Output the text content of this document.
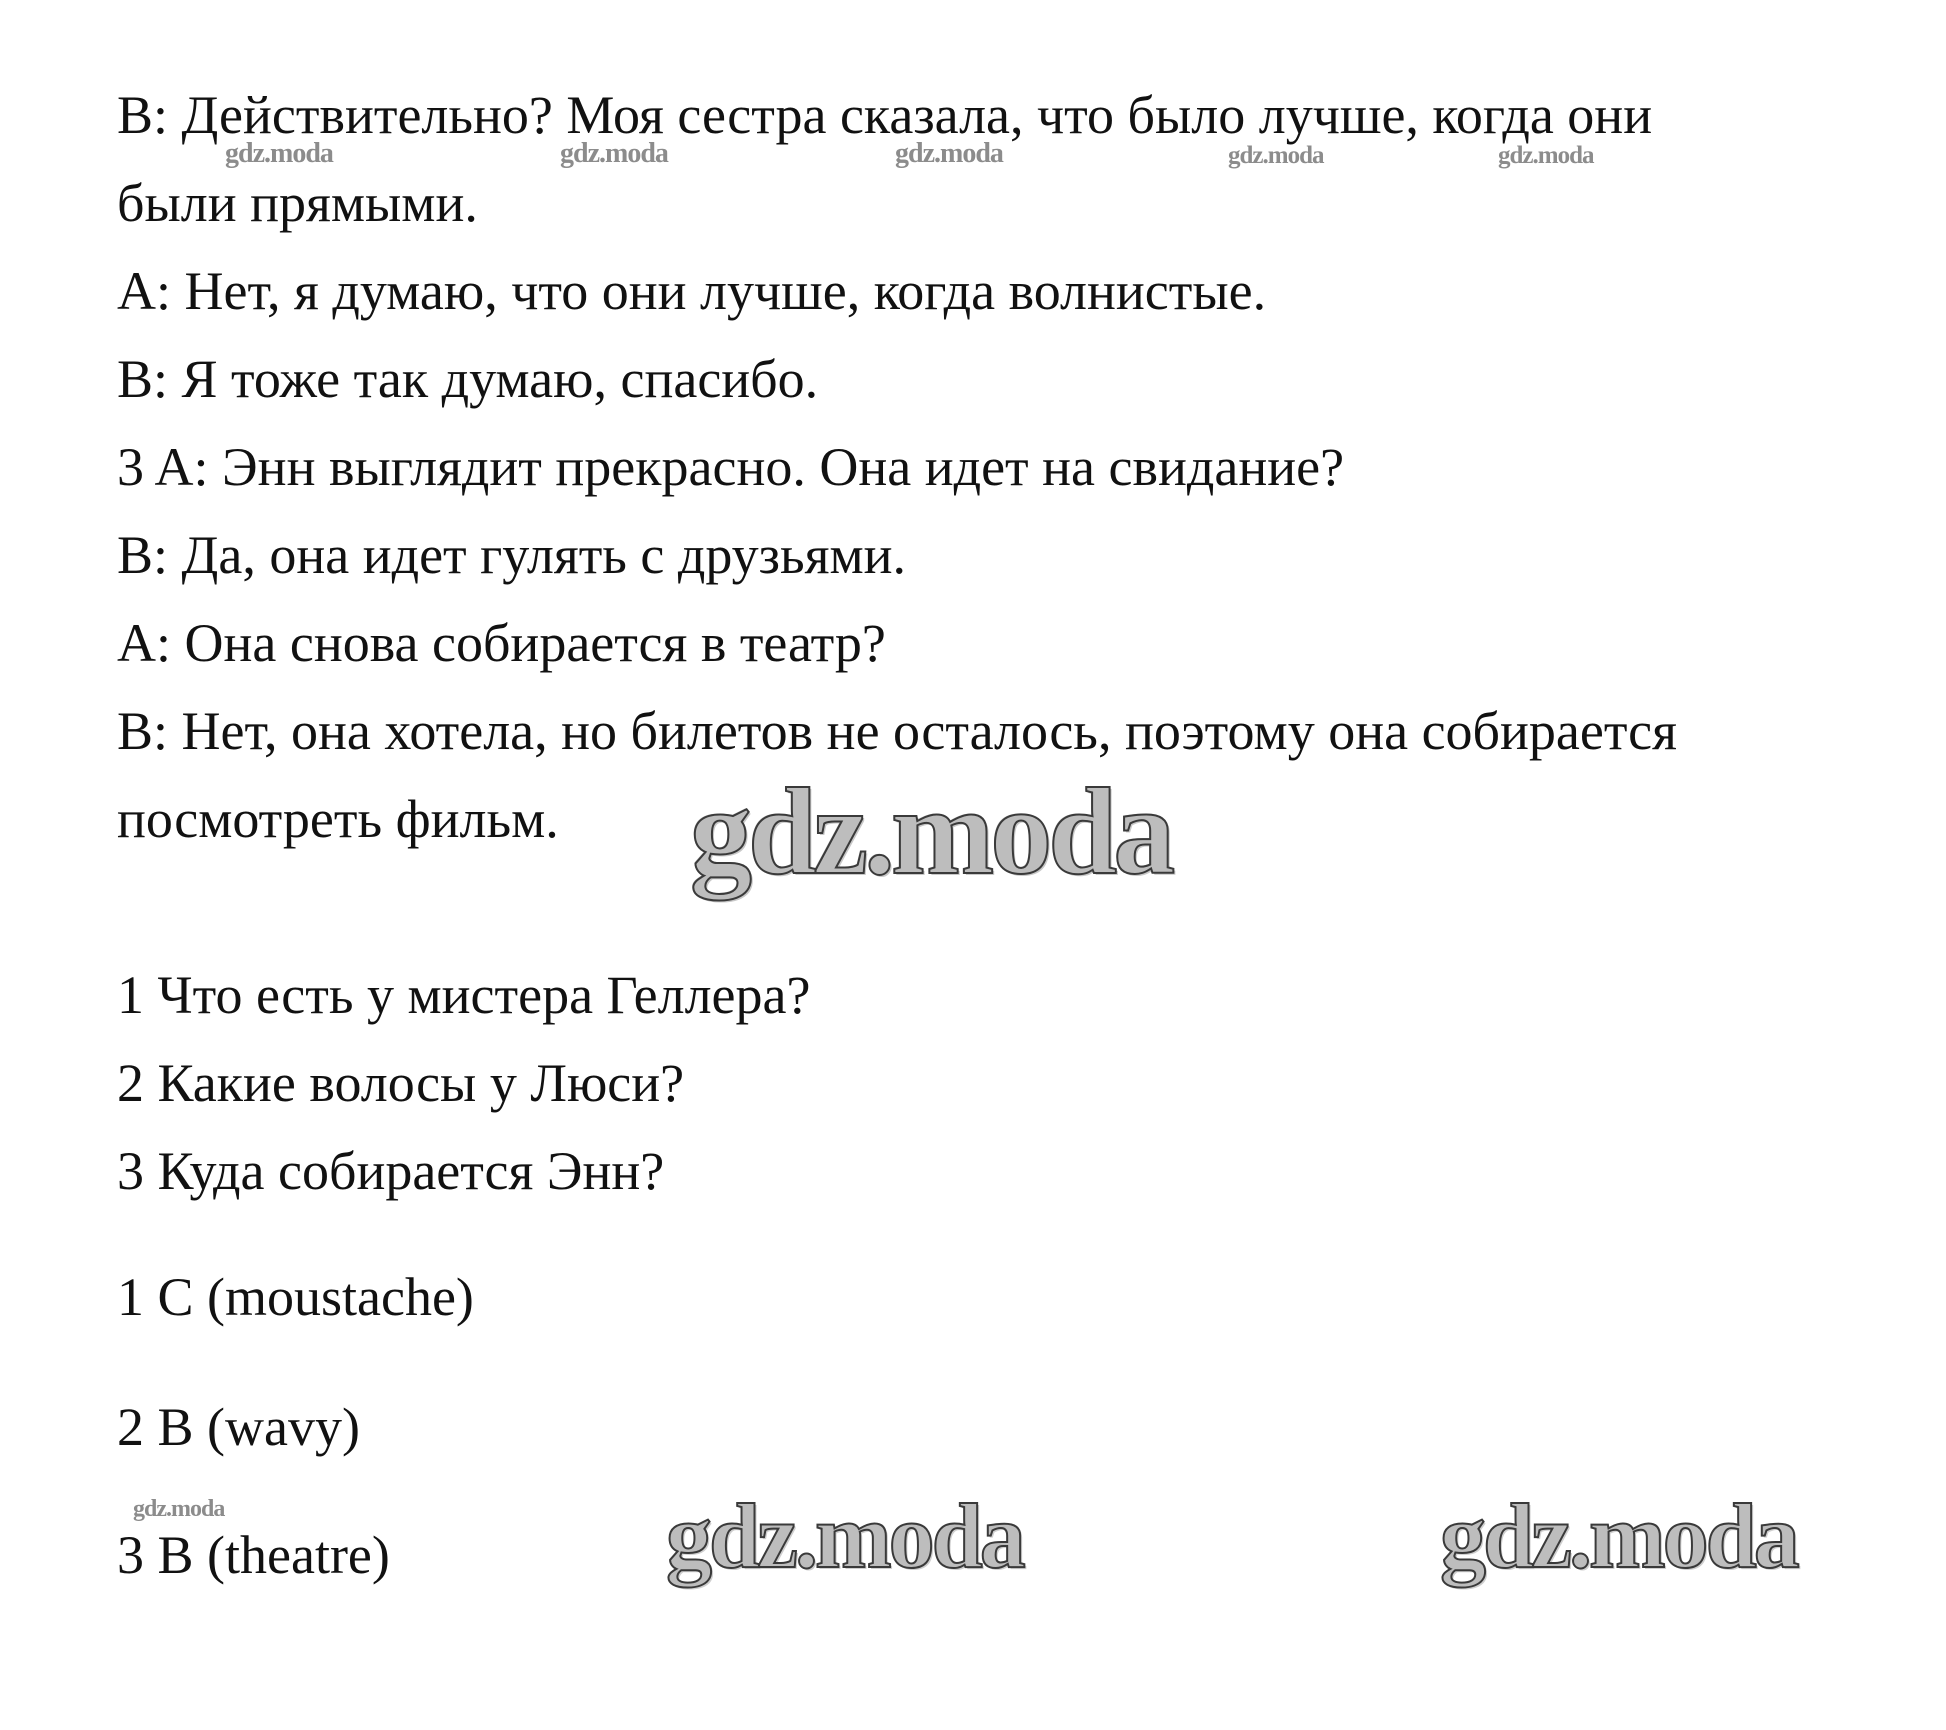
B: Действительно? Моя сестра сказала, что было лучше, когда они
были прямыми.
A: Нет, я думаю, что они лучше, когда волнистые.
B: Я тоже так думаю, спасибо.
3 A: Энн выглядит прекрасно. Она идет на свидание?
B: Да, она идет гулять с друзьями.
A: Она снова собирается в театр?
B: Нет, она хотела, но билетов не осталось, поэтому она собирается
посмотреть фильм.
1 Что есть у мистера Геллера?
2 Какие волосы у Люси?
3 Куда собирается Энн?
1 C (moustache)
2 B (wavy)
3 B (theatre)
gdz.moda	gdz.moda	gdz.moda	gdz.moda	gdz.moda
gdz.moda
gdz.moda	gdz.moda	gdz.moda
